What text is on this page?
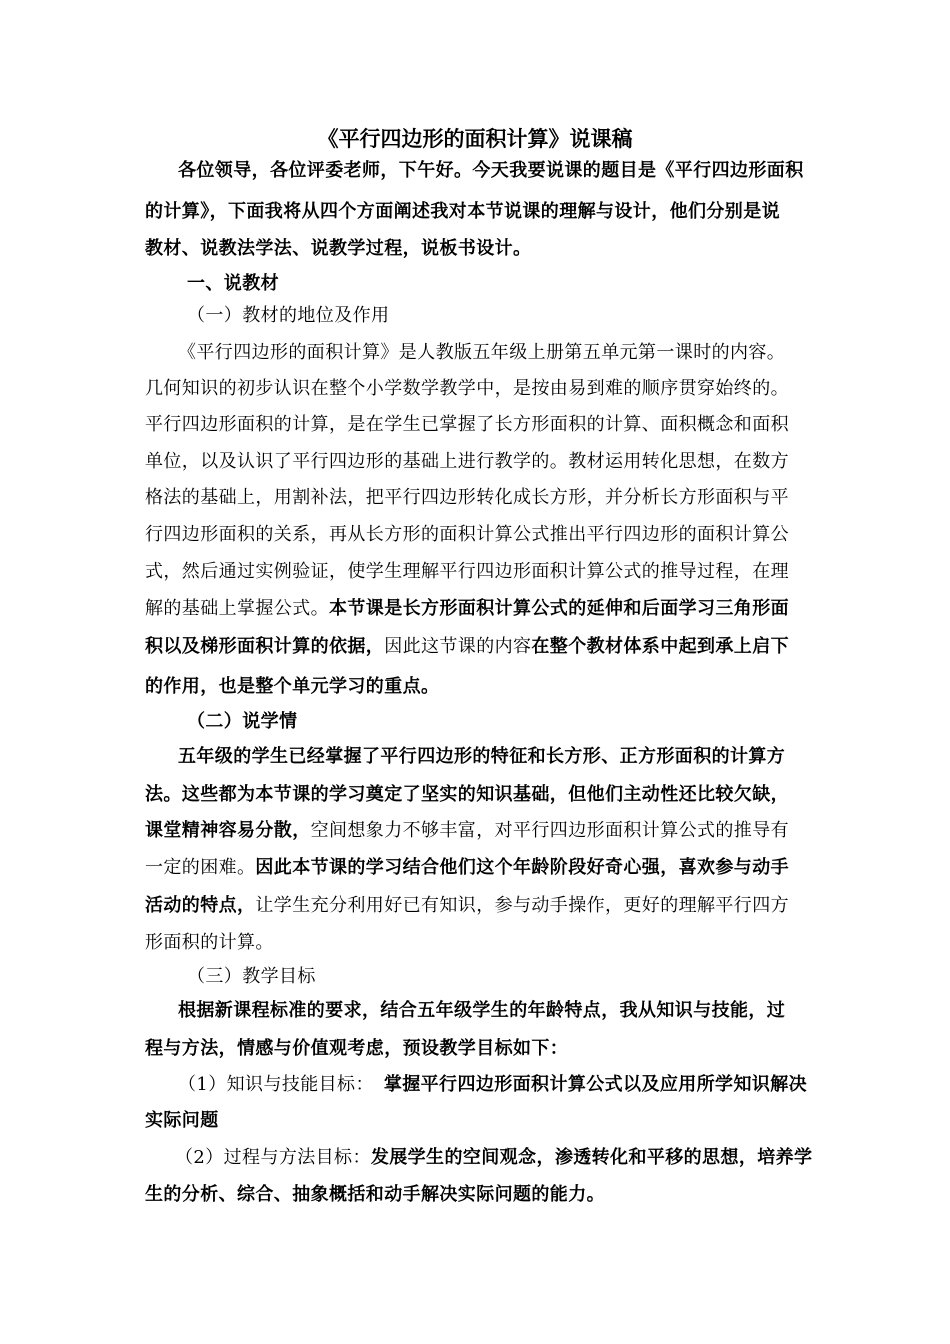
《平行四边形的面积计算》说课稿
各位领导，各位评委老师，下午好。今天我要说课的题目是《平行四边形面积
的计算》，下面我将从四个方面阐述我对本节说课的理解与设计，他们分别是说
教材、说教法学法、说教学过程，说板书设计。
一、说教材
（一）教材的地位及作用
《平行四边形的面积计算》是人教版五年级上册第五单元第一课时的内容。
几何知识的初步认识在整个小学数学教学中，是按由易到难的顺序贯穿始终的。
平行四边形面积的计算，是在学生已掌握了长方形面积的计算、面积概念和面积
单位，以及认识了平行四边形的基础上进行教学的。教材运用转化思想，在数方
格法的基础上，用割补法，把平行四边形转化成长方形，并分析长方形面积与平
行四边形面积的关系，再从长方形的面积计算公式推出平行四边形的面积计算公
式，然后通过实例验证，使学生理解平行四边形面积计算公式的推导过程，在理
解的基础上掌握公式。本节课是长方形面积计算公式的延伸和后面学习三角形面
积以及梯形面积计算的依据，因此这节课的内容在整个教材体系中起到承上启下
的作用，也是整个单元学习的重点。
（二）说学情
五年级的学生已经掌握了平行四边形的特征和长方形、正方形面积的计算方
法。这些都为本节课的学习奠定了坚实的知识基础，但他们主动性还比较欠缺，
课堂精神容易分散，空间想象力不够丰富，对平行四边形面积计算公式的推导有
一定的困难。因此本节课的学习结合他们这个年龄阶段好奇心强，喜欢参与动手
活动的特点，让学生充分利用好已有知识，参与动手操作，更好的理解平行四方
形面积的计算。
（三）教学目标
根据新课程标准的要求，结合五年级学生的年龄特点，我从知识与技能，过
程与方法，情感与价值观考虑，预设教学目标如下：
（1）知识与技能目标： 掌握平行四边形面积计算公式以及应用所学知识解决
实际问题
（2）过程与方法目标：发展学生的空间观念，渗透转化和平移的思想，培养学
生的分析、综合、抽象概括和动手解决实际问题的能力。
